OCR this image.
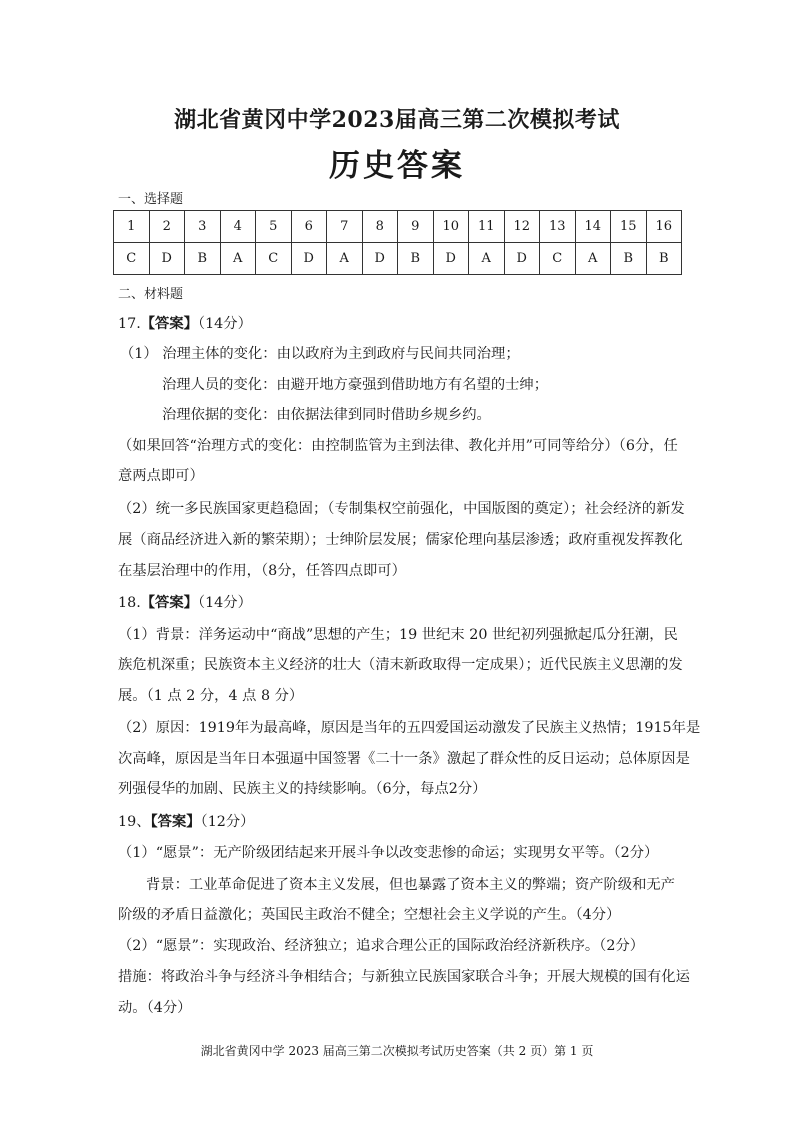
湖北省黄冈中学2023届高三第二次模拟考试
历史答案
一、选择题
1	2	3	4	5	6	7	8	9	10	11	12	13	14	15	16
C	D	B	A	C	D	A	D	B	D	A	D	C	A	B	B
二、材料题
17.【答案】（14分）
（1） 治理主体的变化：由以政府为主到政府与民间共同治理；
治理人员的变化：由避开地方豪强到借助地方有名望的士绅；
治理依据的变化：由依据法律到同时借助乡规乡约。
（如果回答“治理方式的变化：由控制监管为主到法律、教化并用”可同等给分）（6分，任
意两点即可）
（2）统一多民族国家更趋稳固；（专制集权空前强化，中国版图的奠定）；社会经济的新发
展（商品经济进入新的繁荣期）；士绅阶层发展；儒家伦理向基层渗透；政府重视发挥教化
在基层治理中的作用，（8分，任答四点即可）
18.【答案】（14分）
（1）背景：洋务运动中“商战”思想的产生；19 世纪末 20 世纪初列强掀起瓜分狂潮，民
族危机深重；民族资本主义经济的壮大（清末新政取得一定成果）；近代民族主义思潮的发
展。（1 点 2 分，4 点 8 分）
（2）原因：1919年为最高峰，原因是当年的五四爱国运动激发了民族主义热情；1915年是
次高峰，原因是当年日本强逼中国签署《二十一条》激起了群众性的反日运动；总体原因是
列强侵华的加剧、民族主义的持续影响。（6分，每点2分）
19、【答案】（12分）
（1）“愿景”：无产阶级团结起来开展斗争以改变悲惨的命运；实现男女平等。（2分）
背景：工业革命促进了资本主义发展，但也暴露了资本主义的弊端；资产阶级和无产
阶级的矛盾日益激化；英国民主政治不健全；空想社会主义学说的产生。（4分）
（2）“愿景”：实现政治、经济独立；追求合理公正的国际政治经济新秩序。（2分）
措施：将政治斗争与经济斗争相结合；与新独立民族国家联合斗争；开展大规模的国有化运
动。（4分）
湖北省黄冈中学 2023 届高三第二次模拟考试历史答案（共 2 页）第 1 页
